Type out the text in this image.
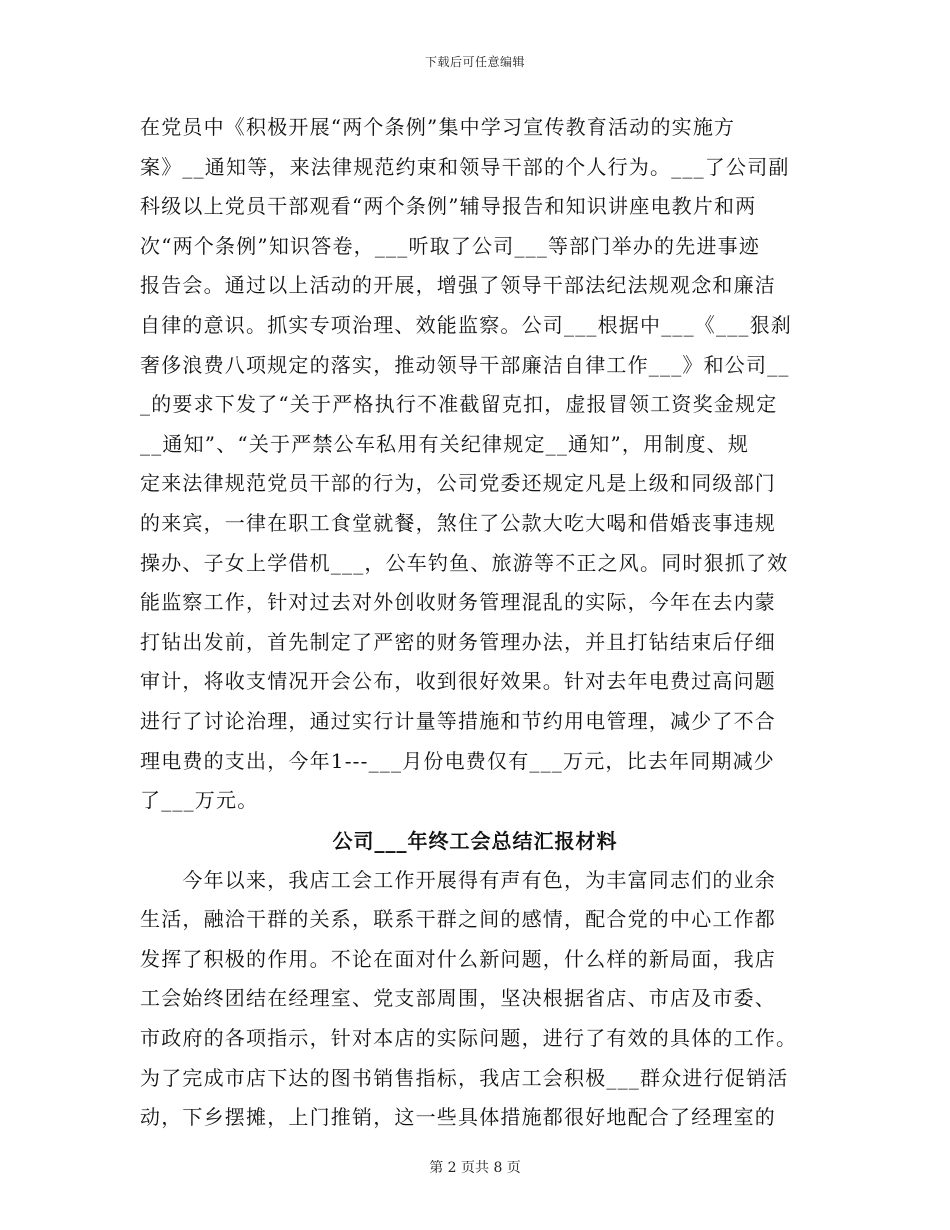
下载后可任意编辑
在党员中《积极开展“两个条例”集中学习宣传教育活动的实施方
案》__通知等，来法律规范约束和领导干部的个人行为。___了公司副
科级以上党员干部观看“两个条例”辅导报告和知识讲座电教片和两
次“两个条例”知识答卷，___听取了公司___等部门举办的先进事迹
报告会。通过以上活动的开展，增强了领导干部法纪法规观念和廉洁
自律的意识。抓实专项治理、效能监察。公司___根据中___《___狠刹
奢侈浪费八项规定的落实，推动领导干部廉洁自律工作___》和公司__
_的要求下发了“关于严格执行不准截留克扣，虚报冒领工资奖金规定
__通知”、“关于严禁公车私用有关纪律规定__通知”，用制度、规
定来法律规范党员干部的行为，公司党委还规定凡是上级和同级部门
的来宾，一律在职工食堂就餐，煞住了公款大吃大喝和借婚丧事违规
操办、子女上学借机___，公车钓鱼、旅游等不正之风。同时狠抓了效
能监察工作，针对过去对外创收财务管理混乱的实际，今年在去内蒙
打钻出发前，首先制定了严密的财务管理办法，并且打钻结束后仔细
审计，将收支情况开会公布，收到很好效果。针对去年电费过高问题
进行了讨论治理，通过实行计量等措施和节约用电管理，减少了不合
理电费的支出，今年1---___月份电费仅有___万元，比去年同期减少
了___万元。
公司___年终工会总结汇报材料
　　今年以来，我店工会工作开展得有声有色，为丰富同志们的业余
生活，融洽干群的关系，联系干群之间的感情，配合党的中心工作都
发挥了积极的作用。不论在面对什么新问题，什么样的新局面，我店
工会始终团结在经理室、党支部周围，坚决根据省店、市店及市委、
市政府的各项指示，针对本店的实际问题，进行了有效的具体的工作。
为了完成市店下达的图书销售指标，我店工会积极___群众进行促销活
动，下乡摆摊，上门推销，这一些具体措施都很好地配合了经理室的
第 2 页共 8 页
